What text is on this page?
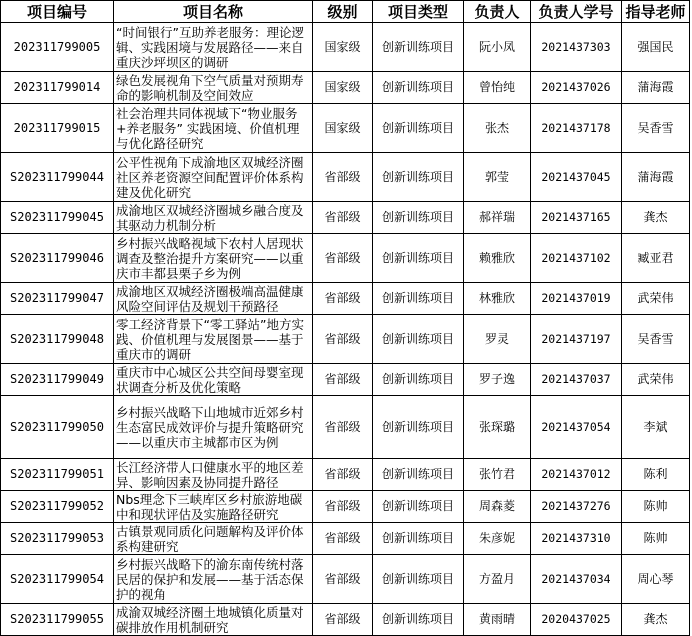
项目编号	项目名称	级别	项目类型	负责人	负责人学号	指导老师
202311799005	“时间银行”互助养老服务：理论逻辑、实践困境与发展路径——来自重庆沙坪坝区的调研	国家级	创新训练项目	阮小凤	2021437303	强国民
202311799014	绿色发展视角下空气质量对预期寿命的影响机制及空间效应	国家级	创新训练项目	曾怡纯	2021437026	蒲海霞
202311799015	社会治理共同体视域下“物业服务+养老服务” 实践困境、价值机理与优化路径研究	国家级	创新训练项目	张杰	2021437178	吴香雪
S202311799044	公平性视角下成渝地区双城经济圈社区养老资源空间配置评价体系构建及优化研究	省部级	创新训练项目	郭莹	2021437045	蒲海霞
S202311799045	成渝地区双城经济圈城乡融合度及其驱动力机制分析	省部级	创新训练项目	郝祥瑞	2021437165	龚杰
S202311799046	乡村振兴战略视域下农村人居现状调查及整治提升方案研究——以重庆市丰都县栗子乡为例	省部级	创新训练项目	赖雅欣	2021437102	臧亚君
S202311799047	成渝地区双城经济圈极端高温健康风险空间评估及规划干预路径	省部级	创新训练项目	林雅欣	2021437019	武荣伟
S202311799048	零工经济背景下“零工驿站”地方实践、价值机理与发展图景——基于重庆市的调研	省部级	创新训练项目	罗灵	2021437197	吴香雪
S202311799049	重庆市中心城区公共空间母婴室现状调查分析及优化策略	省部级	创新训练项目	罗子逸	2021437037	武荣伟
S202311799050	乡村振兴战略下山地城市近郊乡村生态富民成效评价与提升策略研究——以重庆市主城都市区为例	省部级	创新训练项目	张琛璐	2021437054	李斌
S202311799051	长江经济带人口健康水平的地区差异、影响因素及协同提升路径	省部级	创新训练项目	张竹君	2021437012	陈利
S202311799052	Nbs理念下三峡库区乡村旅游地碳中和现状评估及实施路径研究	省部级	创新训练项目	周森菱	2021437276	陈帅
S202311799053	古镇景观同质化问题解构及评价体系构建研究	省部级	创新训练项目	朱彦妮	2021437310	陈帅
S202311799054	乡村振兴战略下的渝东南传统村落民居的保护和发展——基于活态保护的视角	省部级	创新训练项目	方盈月	2021437034	周心琴
S202311799055	成渝双城经济圈土地城镇化质量对碳排放作用机制研究	省部级	创新训练项目	黄雨晴	2020437025	龚杰
